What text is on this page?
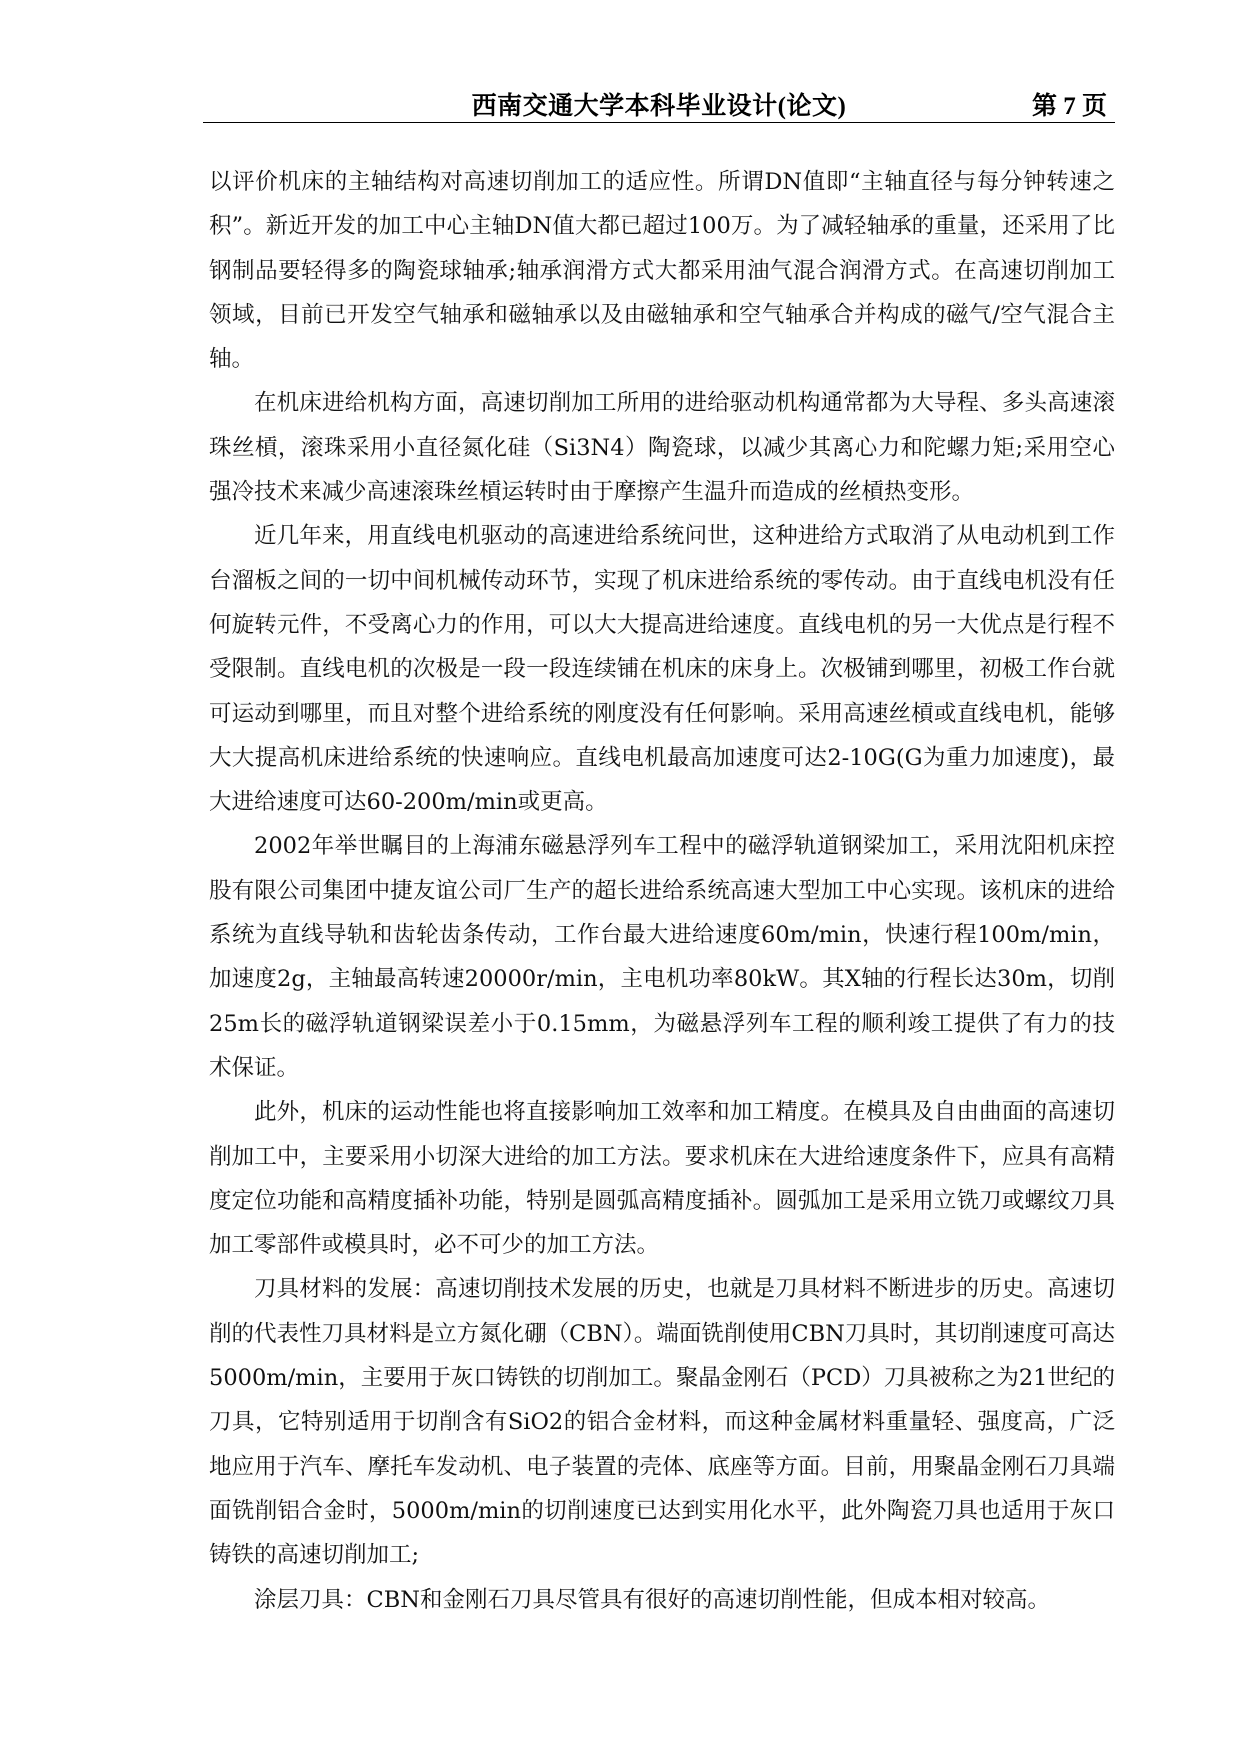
西南交通大学本科毕业设计(论文)	第 7 页

以评价机床的主轴结构对高速切削加工的适应性。所谓DN值即“主轴直径与每分钟转速之积”。新近开发的加工中心主轴DN值大都已超过100万。为了减轻轴承的重量，还采用了比钢制品要轻得多的陶瓷球轴承;轴承润滑方式大都采用油气混合润滑方式。在高速切削加工领域，目前已开发空气轴承和磁轴承以及由磁轴承和空气轴承合并构成的磁气/空气混合主轴。

在机床进给机构方面，高速切削加工所用的进给驱动机构通常都为大导程、多头高速滚珠丝槓，滚珠采用小直径氮化硅（Si3N4）陶瓷球，以减少其离心力和陀螺力矩;采用空心强冷技术来减少高速滚珠丝槓运转时由于摩擦产生温升而造成的丝槓热变形。

近几年来，用直线电机驱动的高速进给系统问世，这种进给方式取消了从电动机到工作台溜板之间的一切中间机械传动环节，实现了机床进给系统的零传动。由于直线电机没有任何旋转元件，不受离心力的作用，可以大大提高进给速度。直线电机的另一大优点是行程不受限制。直线电机的次极是一段一段连续铺在机床的床身上。次极铺到哪里，初极工作台就可运动到哪里，而且对整个进给系统的刚度没有任何影响。采用高速丝槓或直线电机，能够大大提高机床进给系统的快速响应。直线电机最高加速度可达2-10G(G为重力加速度)，最大进给速度可达60-200m/min或更高。

2002年举世瞩目的上海浦东磁悬浮列车工程中的磁浮轨道钢梁加工，采用沈阳机床控股有限公司集团中捷友谊公司厂生产的超长进给系统高速大型加工中心实现。该机床的进给系统为直线导轨和齿轮齿条传动，工作台最大进给速度60m/min，快速行程100m/min，加速度2g，主轴最高转速20000r/min，主电机功率80kW。其X轴的行程长达30m，切削25m长的磁浮轨道钢梁误差小于0.15mm，为磁悬浮列车工程的顺利竣工提供了有力的技术保证。

此外，机床的运动性能也将直接影响加工效率和加工精度。在模具及自由曲面的高速切削加工中，主要采用小切深大进给的加工方法。要求机床在大进给速度条件下，应具有高精度定位功能和高精度插补功能，特别是圆弧高精度插补。圆弧加工是采用立铣刀或螺纹刀具加工零部件或模具时，必不可少的加工方法。

刀具材料的发展：高速切削技术发展的历史，也就是刀具材料不断进步的历史。高速切削的代表性刀具材料是立方氮化硼（CBN）。端面铣削使用CBN刀具时，其切削速度可高达5000m/min，主要用于灰口铸铁的切削加工。聚晶金刚石（PCD）刀具被称之为21世纪的刀具，它特别适用于切削含有SiO2的铝合金材料，而这种金属材料重量轻、强度高，广泛地应用于汽车、摩托车发动机、电子装置的壳体、底座等方面。目前，用聚晶金刚石刀具端面铣削铝合金时，5000m/min的切削速度已达到实用化水平，此外陶瓷刀具也适用于灰口铸铁的高速切削加工;

涂层刀具：CBN和金刚石刀具尽管具有很好的高速切削性能，但成本相对较高。
